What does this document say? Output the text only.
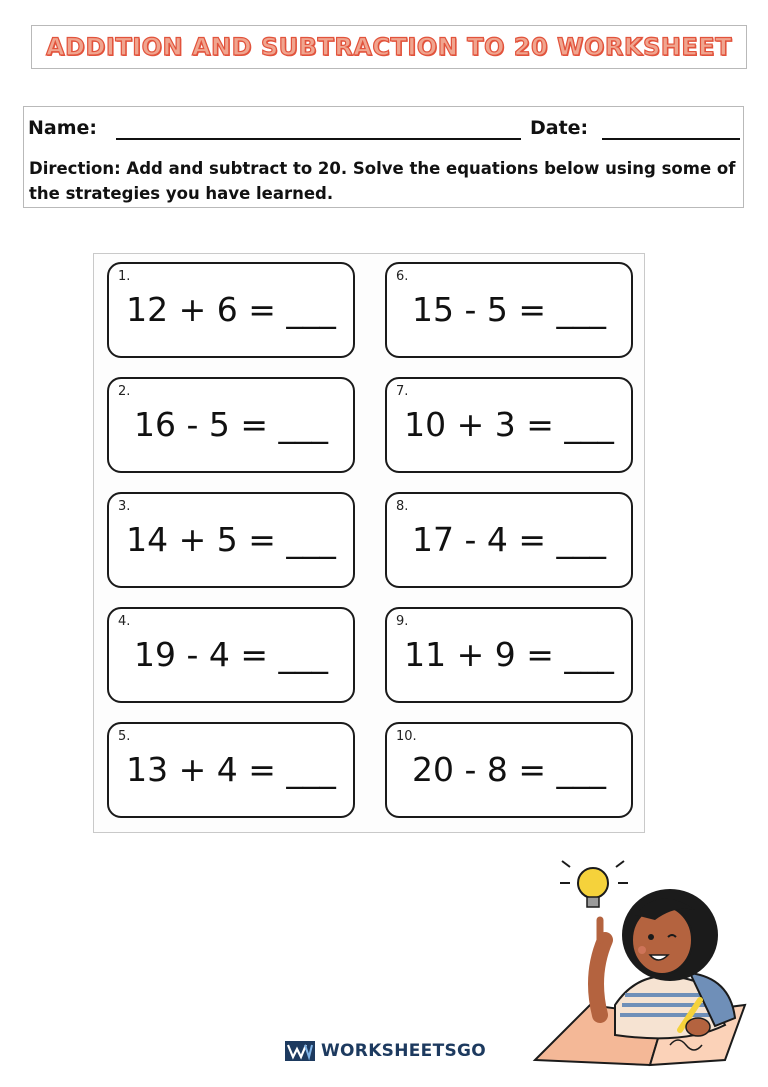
ADDITION AND SUBTRACTION TO 20 WORKSHEET
Name:	Date:
Direction: Add and subtract to 20. Solve the equations below using some of the strategies you have learned.
1.
12 + 6 = ___
2.
16 - 5 = ___
3.
14 + 5 = ___
4.
19 - 4 = ___
5.
13 + 4 = ___
6.
15 - 5 = ___
7.
10 + 3 = ___
8.
17 - 4 = ___
9.
11 + 9 = ___
10.
20 - 8 = ___
WORKSHEETSGO
